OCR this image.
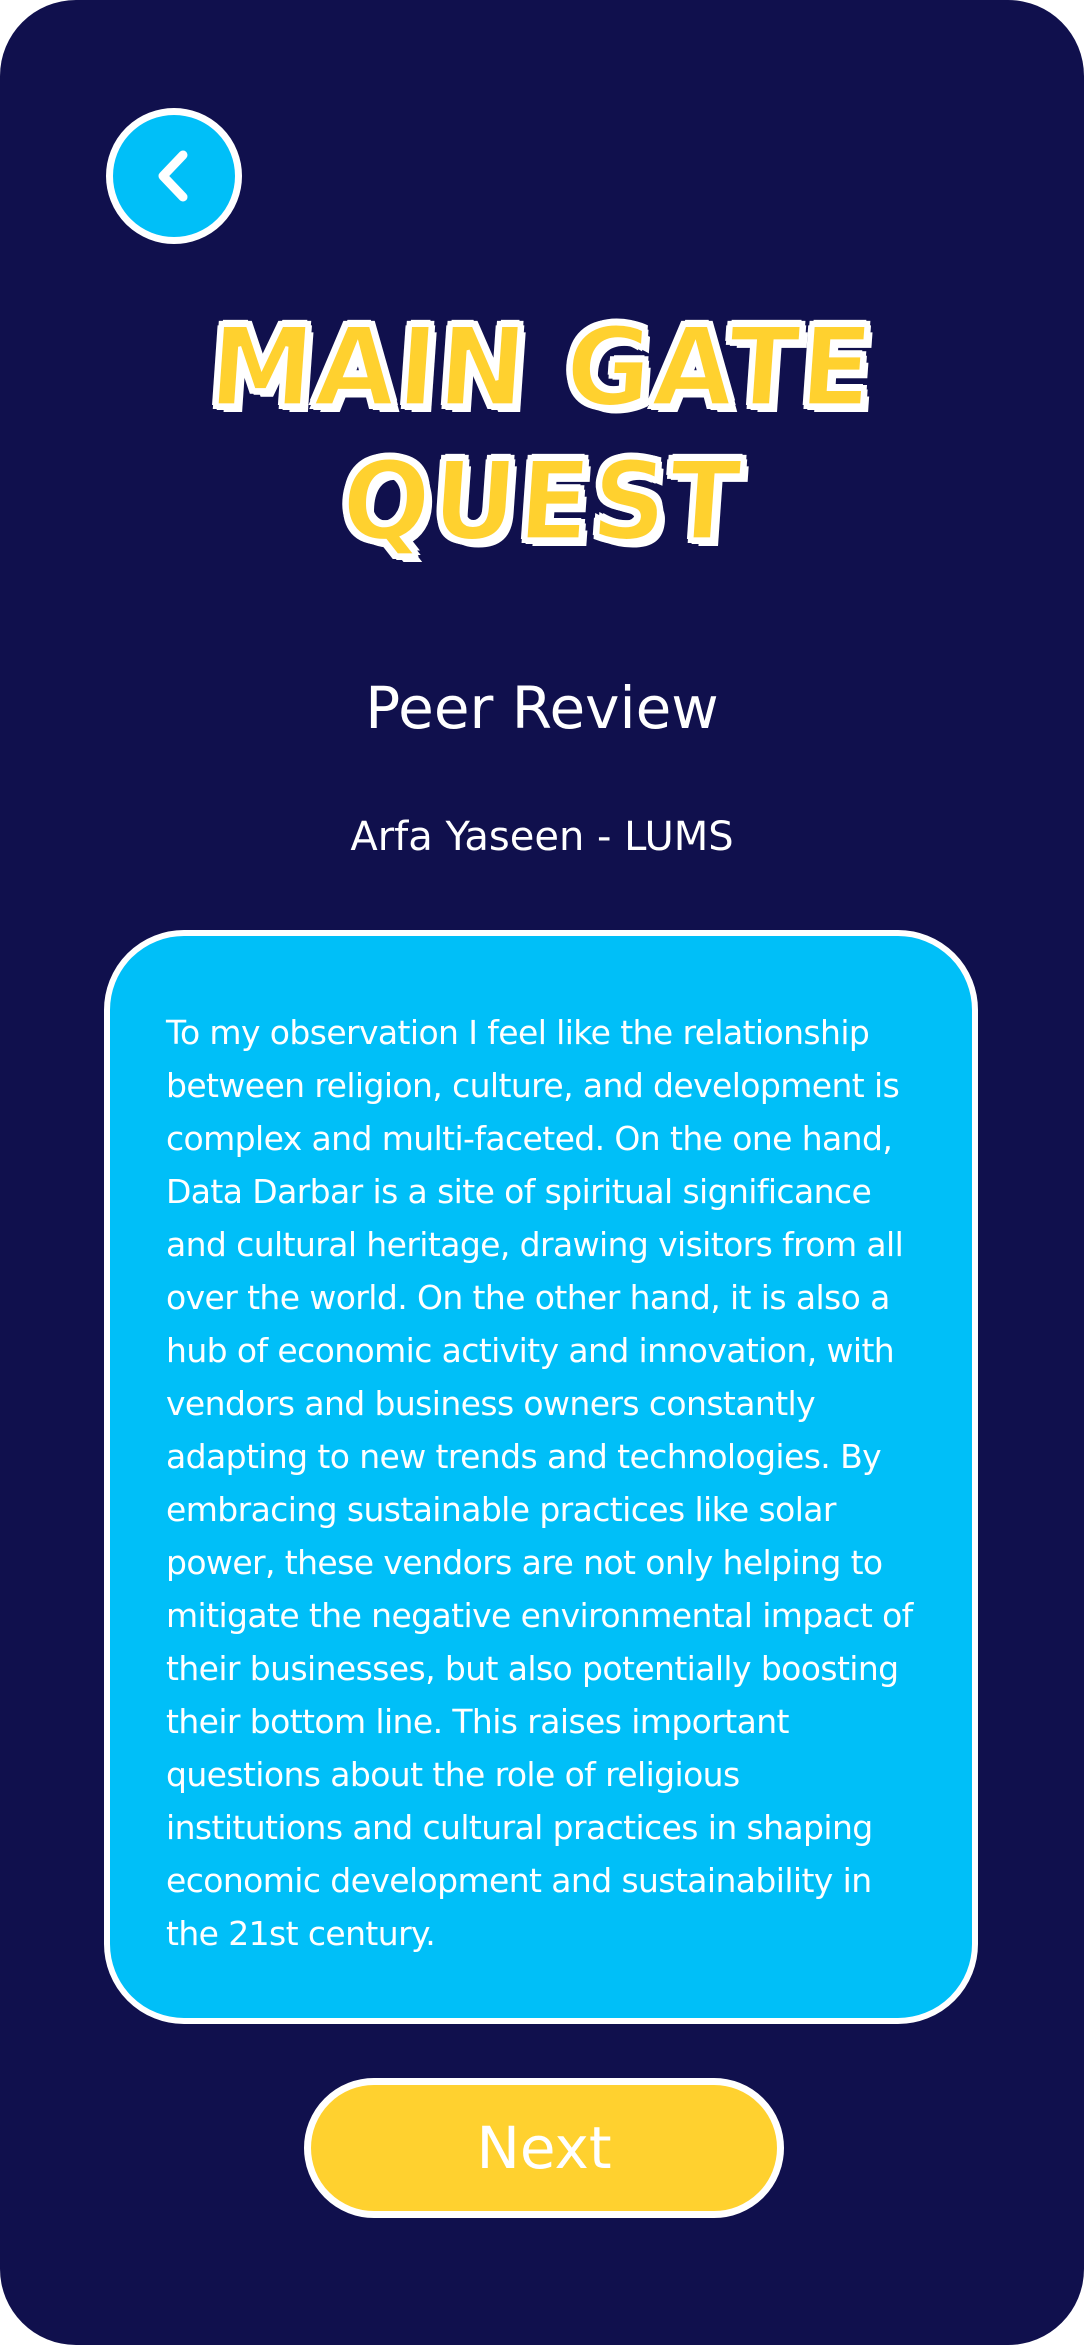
MAIN GATE
QUEST
Peer Review
Arfa Yaseen - LUMS

To my observation I feel like the relationship between religion, culture, and development is complex and multi-faceted. On the one hand, Data Darbar is a site of spiritual significance and cultural heritage, drawing visitors from all over the world. On the other hand, it is also a hub of economic activity and innovation, with vendors and business owners constantly adapting to new trends and technologies. By embracing sustainable practices like solar power, these vendors are not only helping to mitigate the negative environmental impact of their businesses, but also potentially boosting their bottom line. This raises important questions about the role of religious institutions and cultural practices in shaping economic development and sustainability in the 21st century.

Next
